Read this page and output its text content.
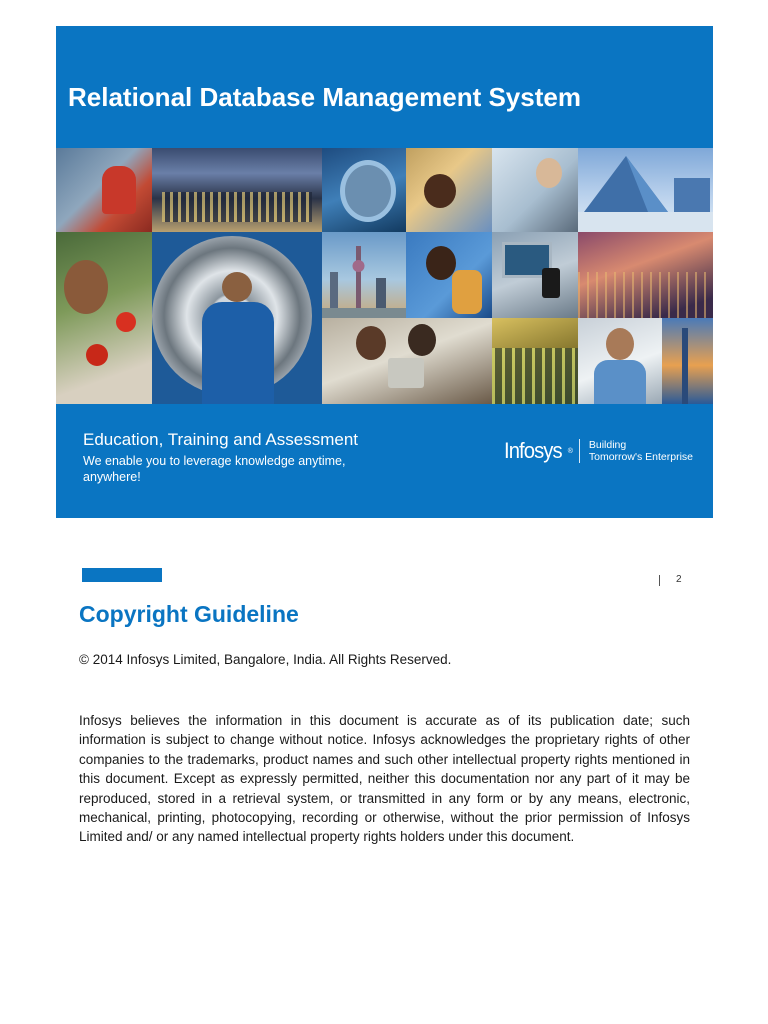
Relational Database Management System

Education, Training and Assessment

We enable you to leverage knowledge anytime, anywhere!
Infosys ® Building
Tomorrow's Enterprise
2
Copyright Guideline

© 2014 Infosys Limited, Bangalore, India. All Rights Reserved.

Infosys believes the information in this document is accurate as of its publication date; such information is subject to change without notice. Infosys acknowledges the proprietary rights of other companies to the trademarks, product names and such other intellectual property rights mentioned in this document. Except as expressly permitted, neither this documentation nor any part of it may be reproduced, stored in a retrieval system, or transmitted in any form or by any means, electronic, mechanical, printing, photocopying, recording or otherwise, without the prior permission of Infosys Limited and/ or any named intellectual property rights holders under this document.
